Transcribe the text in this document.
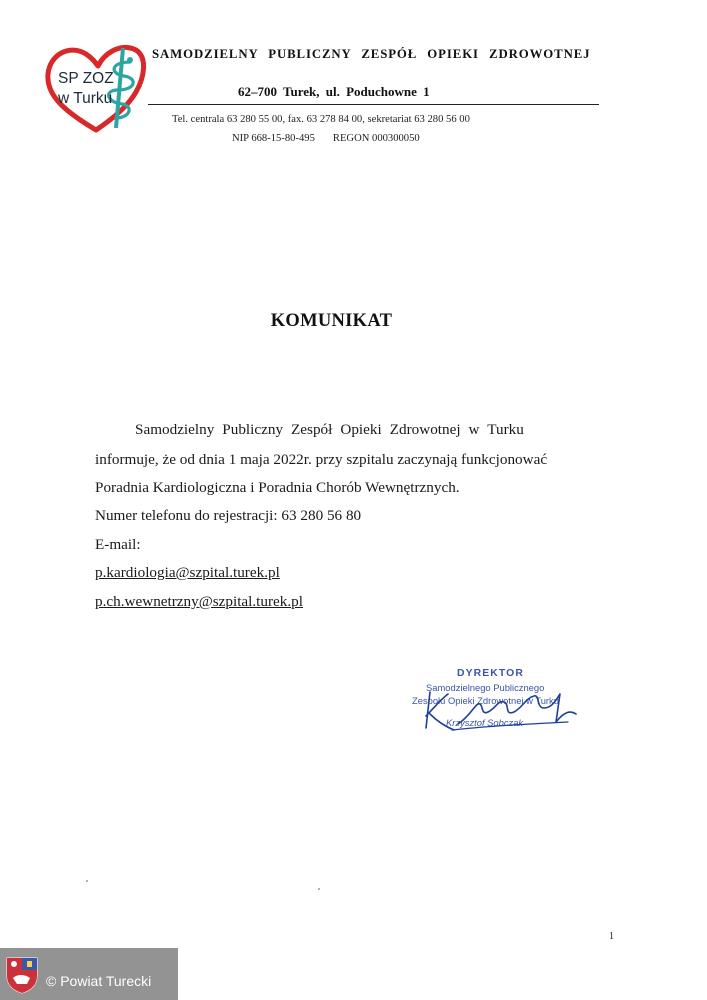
SP ZOZ
w Turku
SAMODZIELNY PUBLICZNY ZESPÓŁ OPIEKI ZDROWOTNEJ
62–700 Turek, ul. Poduchowne 1
Tel. centrala 63 280 55 00, fax. 63 278 84 00, sekretariat 63 280 56 00
NIP 668-15-80-495 REGON 000300050
KOMUNIKAT
Samodzielny Publiczny Zespół Opieki Zdrowotnej w Turku
informuje, że od dnia 1 maja 2022r. przy szpitalu zaczynają funkcjonować
Poradnia Kardiologiczna i Poradnia Chorób Wewnętrznych.
Numer telefonu do rejestracji: 63 280 56 80
E-mail:
p.kardiologia@szpital.turek.pl
p.ch.wewnetrzny@szpital.turek.pl
DYREKTOR
Samodzielnego Publicznego
Zespołu Opieki Zdrowotnej w Turku
Krzysztof Sobczak
1
© Powiat Turecki
